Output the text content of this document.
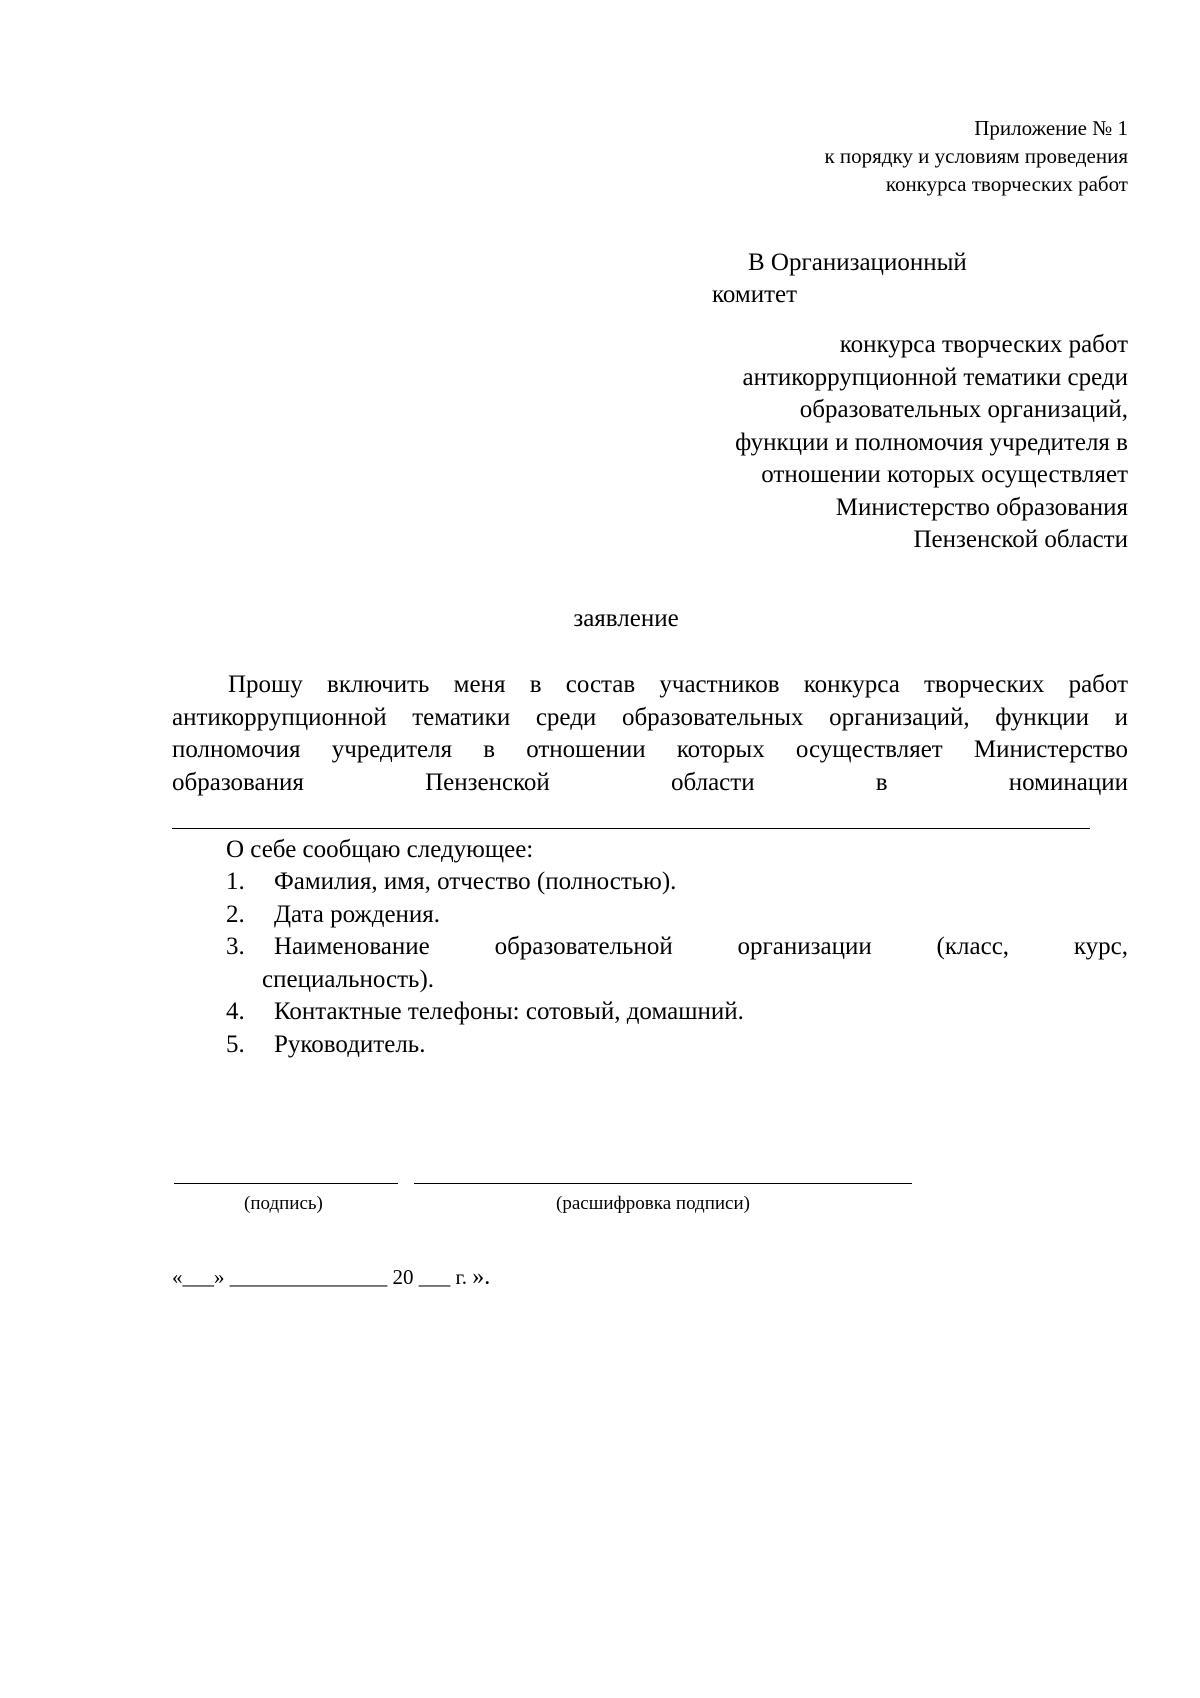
Приложение № 1
к порядку и условиям проведения
конкурса творческих работ
В Организационный
комитет
конкурса творческих работ
антикоррупционной тематики среди
образовательных организаций,
функции и полномочия учредителя в
отношении которых осуществляет
Министерство образования
Пензенской области
заявление
Прошу включить меня в состав участников конкурса творческих работ
антикоррупционной тематики среди образовательных организаций, функции и
полномочия учредителя в отношении которых осуществляет Министерство
образования Пензенской области в номинации
О себе сообщаю следующее:
1. Фамилия, имя, отчество (полностью).
2. Дата рождения.
3. Наименование образовательной организации (класс, курс,
специальность).
4. Контактные телефоны: сотовый, домашний.
5. Руководитель.
(подпись)	(расшифровка подписи)
«___» _______________ 20 ___ г. ».
